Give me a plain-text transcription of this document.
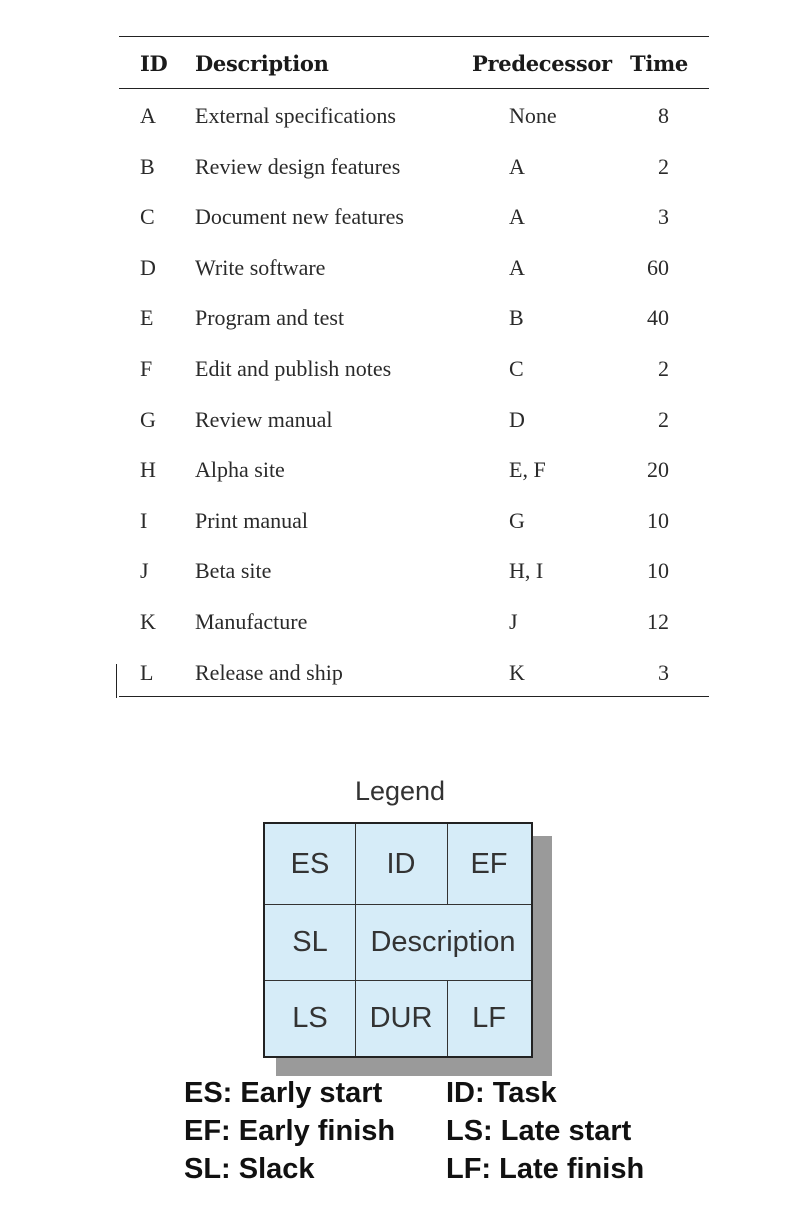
ID Description	Predecessor Time
A External specifications	None	8
B Review design features	A	2
C Document new features	A	3
D Write software	A	60
E Program and test	B	40
F Edit and publish notes	C	2
G Review manual	D	2
H Alpha site	E, F	20
I Print manual	G	10
J Beta site	H, I	10
K Manufacture	J	12
L Release and ship	K	3
Legend
ES	ID	EF
SL	Description
LS	DUR	LF
ES: Early start
EF: Early finish
SL: Slack
ID: Task
LS: Late start
LF: Late finish
